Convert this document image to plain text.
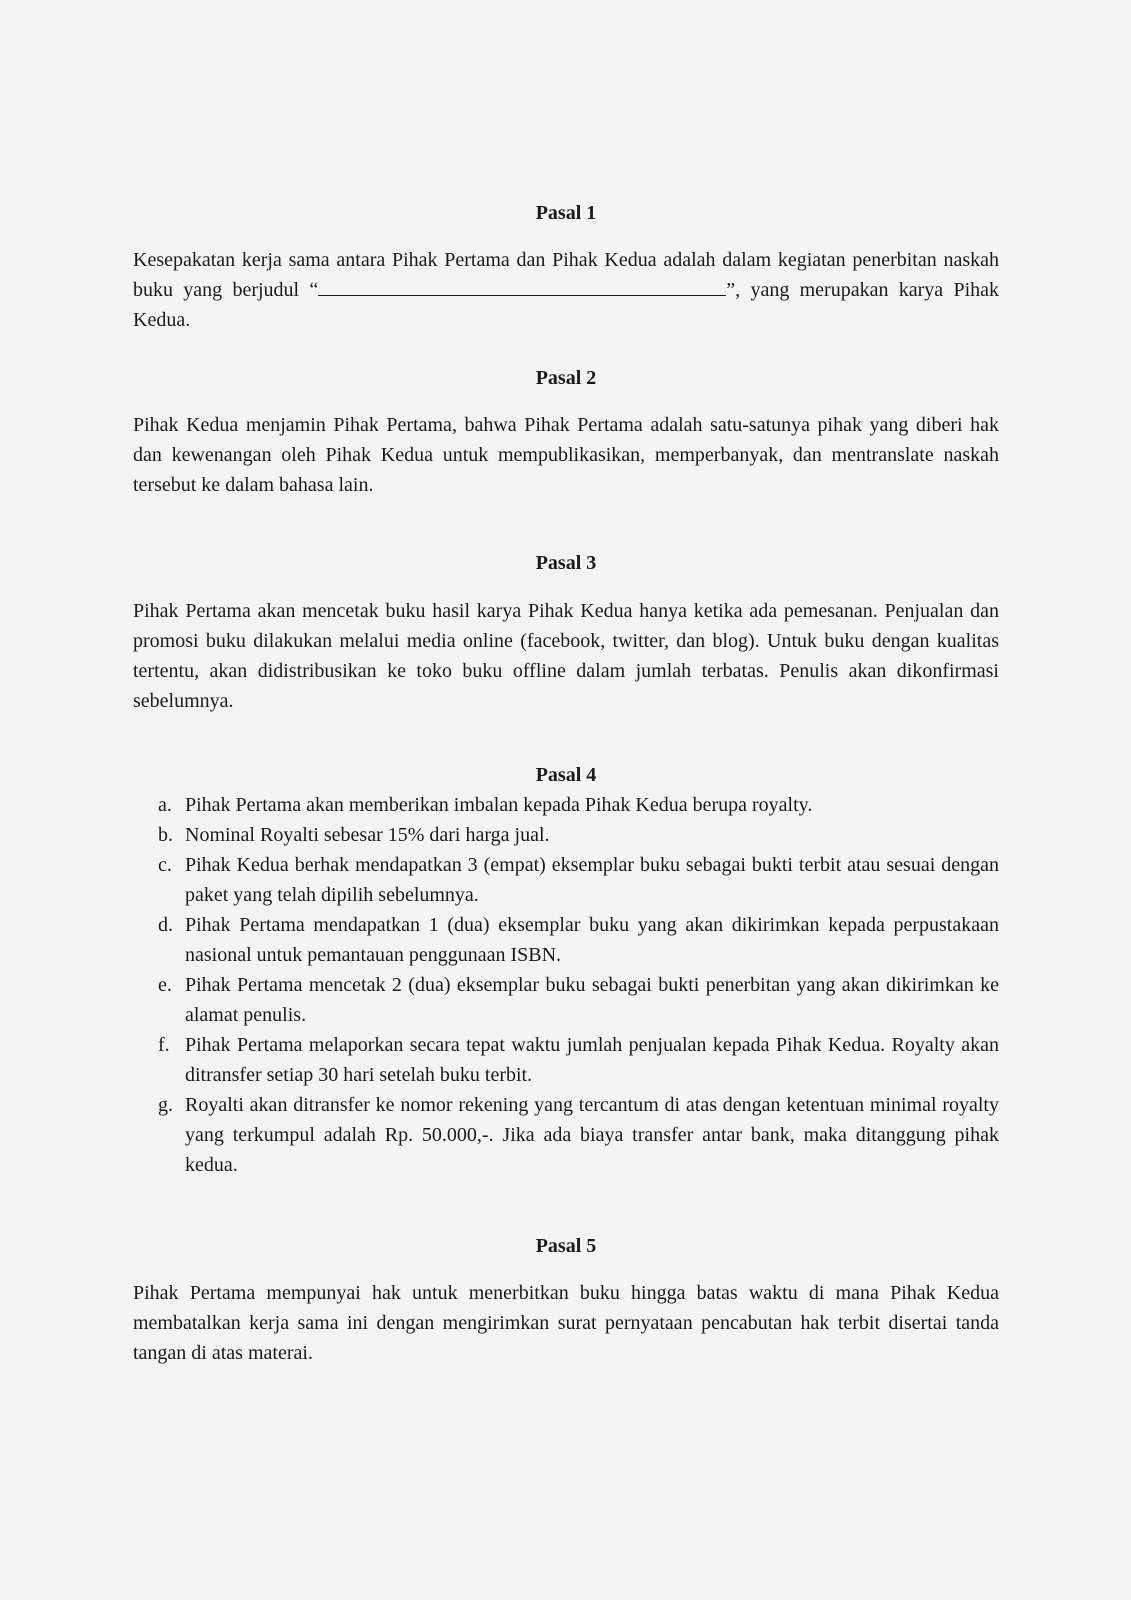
Pasal 1

Kesepakatan kerja sama antara Pihak Pertama dan Pihak Kedua adalah dalam kegiatan penerbitan naskah buku yang berjudul “	”, yang merupakan karya Pihak Kedua.

Pasal 2

Pihak Kedua menjamin Pihak Pertama, bahwa Pihak Pertama adalah satu-satunya pihak yang diberi hak dan kewenangan oleh Pihak Kedua untuk mempublikasikan, memperbanyak, dan mentranslate naskah tersebut ke dalam bahasa lain.

Pasal 3

Pihak Pertama akan mencetak buku hasil karya Pihak Kedua hanya ketika ada pemesanan. Penjualan dan promosi buku dilakukan melalui media online (facebook, twitter, dan blog). Untuk buku dengan kualitas tertentu, akan didistribusikan ke toko buku offline dalam jumlah terbatas. Penulis akan dikonfirmasi sebelumnya.

Pasal 4
a. Pihak Pertama akan memberikan imbalan kepada Pihak Kedua berupa royalty.
b. Nominal Royalti sebesar 15% dari harga jual.
c. Pihak Kedua berhak mendapatkan 3 (empat) eksemplar buku sebagai bukti terbit atau sesuai dengan paket yang telah dipilih sebelumnya.
d. Pihak Pertama mendapatkan 1 (dua) eksemplar buku yang akan dikirimkan kepada perpustakaan nasional untuk pemantauan penggunaan ISBN.
e. Pihak Pertama mencetak 2 (dua) eksemplar buku sebagai bukti penerbitan yang akan dikirimkan ke alamat penulis.
f. Pihak Pertama melaporkan secara tepat waktu jumlah penjualan kepada Pihak Kedua. Royalty akan ditransfer setiap 30 hari setelah buku terbit.
g. Royalti akan ditransfer ke nomor rekening yang tercantum di atas dengan ketentuan minimal royalty yang terkumpul adalah Rp. 50.000,-. Jika ada biaya transfer antar bank, maka ditanggung pihak kedua.
Pasal 5

Pihak Pertama mempunyai hak untuk menerbitkan buku hingga batas waktu di mana Pihak Kedua membatalkan kerja sama ini dengan mengirimkan surat pernyataan pencabutan hak terbit disertai tanda tangan di atas materai.
